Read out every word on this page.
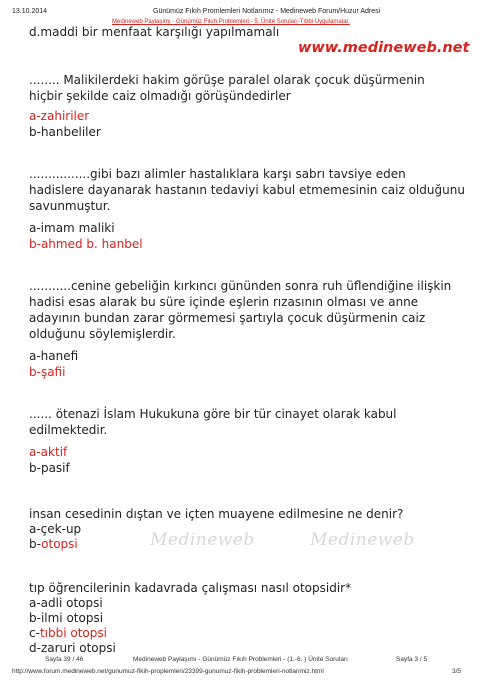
13.10.2014	Günümüz Fıkıh Promlemleri Notlarımız - Medineweb Forum/Huzur Adresi
Medineweb Paylaşımı - Günümüz Fıkıh Problemleri - 5. Ünite Soruları-Tıbbi Uygulamalar.
www.medineweb.net
Medineweb	Medineweb
d.maddi bir menfaat karşılığı yapılmamalı
........ Malikilerdeki hakim görüşe paralel olarak çocuk düşürmenin
hiçbir şekilde caiz olmadığı görüşündedirler
a-zahiriler
b-hanbeliler
................gibi bazı alimler hastalıklara karşı sabrı tavsiye eden
hadislere dayanarak hastanın tedaviyi kabul etmemesinin caiz olduğunu
savunmuştur.
a-imam maliki
b-ahmed b. hanbel
...........cenine gebeliğin kırkıncı gününden sonra ruh üflendiğine ilişkin
hadisi esas alarak bu süre içinde eşlerin rızasının olması ve anne
adayının bundan zarar görmemesi şartıyla çocuk düşürmenin caiz
olduğunu söylemişlerdir.
a-hanefi
b-şafii
...... ötenazi İslam Hukukuna göre bir tür cinayet olarak kabul
edilmektedir.
a-aktif
b-pasif
insan cesedinin dıştan ve içten muayene edilmesine ne denir?
a-çek-up
b-otopsi
tıp öğrencilerinin kadavrada çalışması nasıl otopsidir*
a-adli otopsi
b-ilmi otopsi
c-tıbbi otopsi
d-zaruri otopsi
Sayfa 39 / 46	Medineweb Paylaşımı - Günümüz Fıkıh Problemleri - (1.-6. ) Ünite Soruları	Sayfa 3 / 5
http://www.forum.medineweb.net/gunumuz-fikih-proplemleri/23399-gunumuz-fikih-problemleri-notlarimiz.html	3/5
